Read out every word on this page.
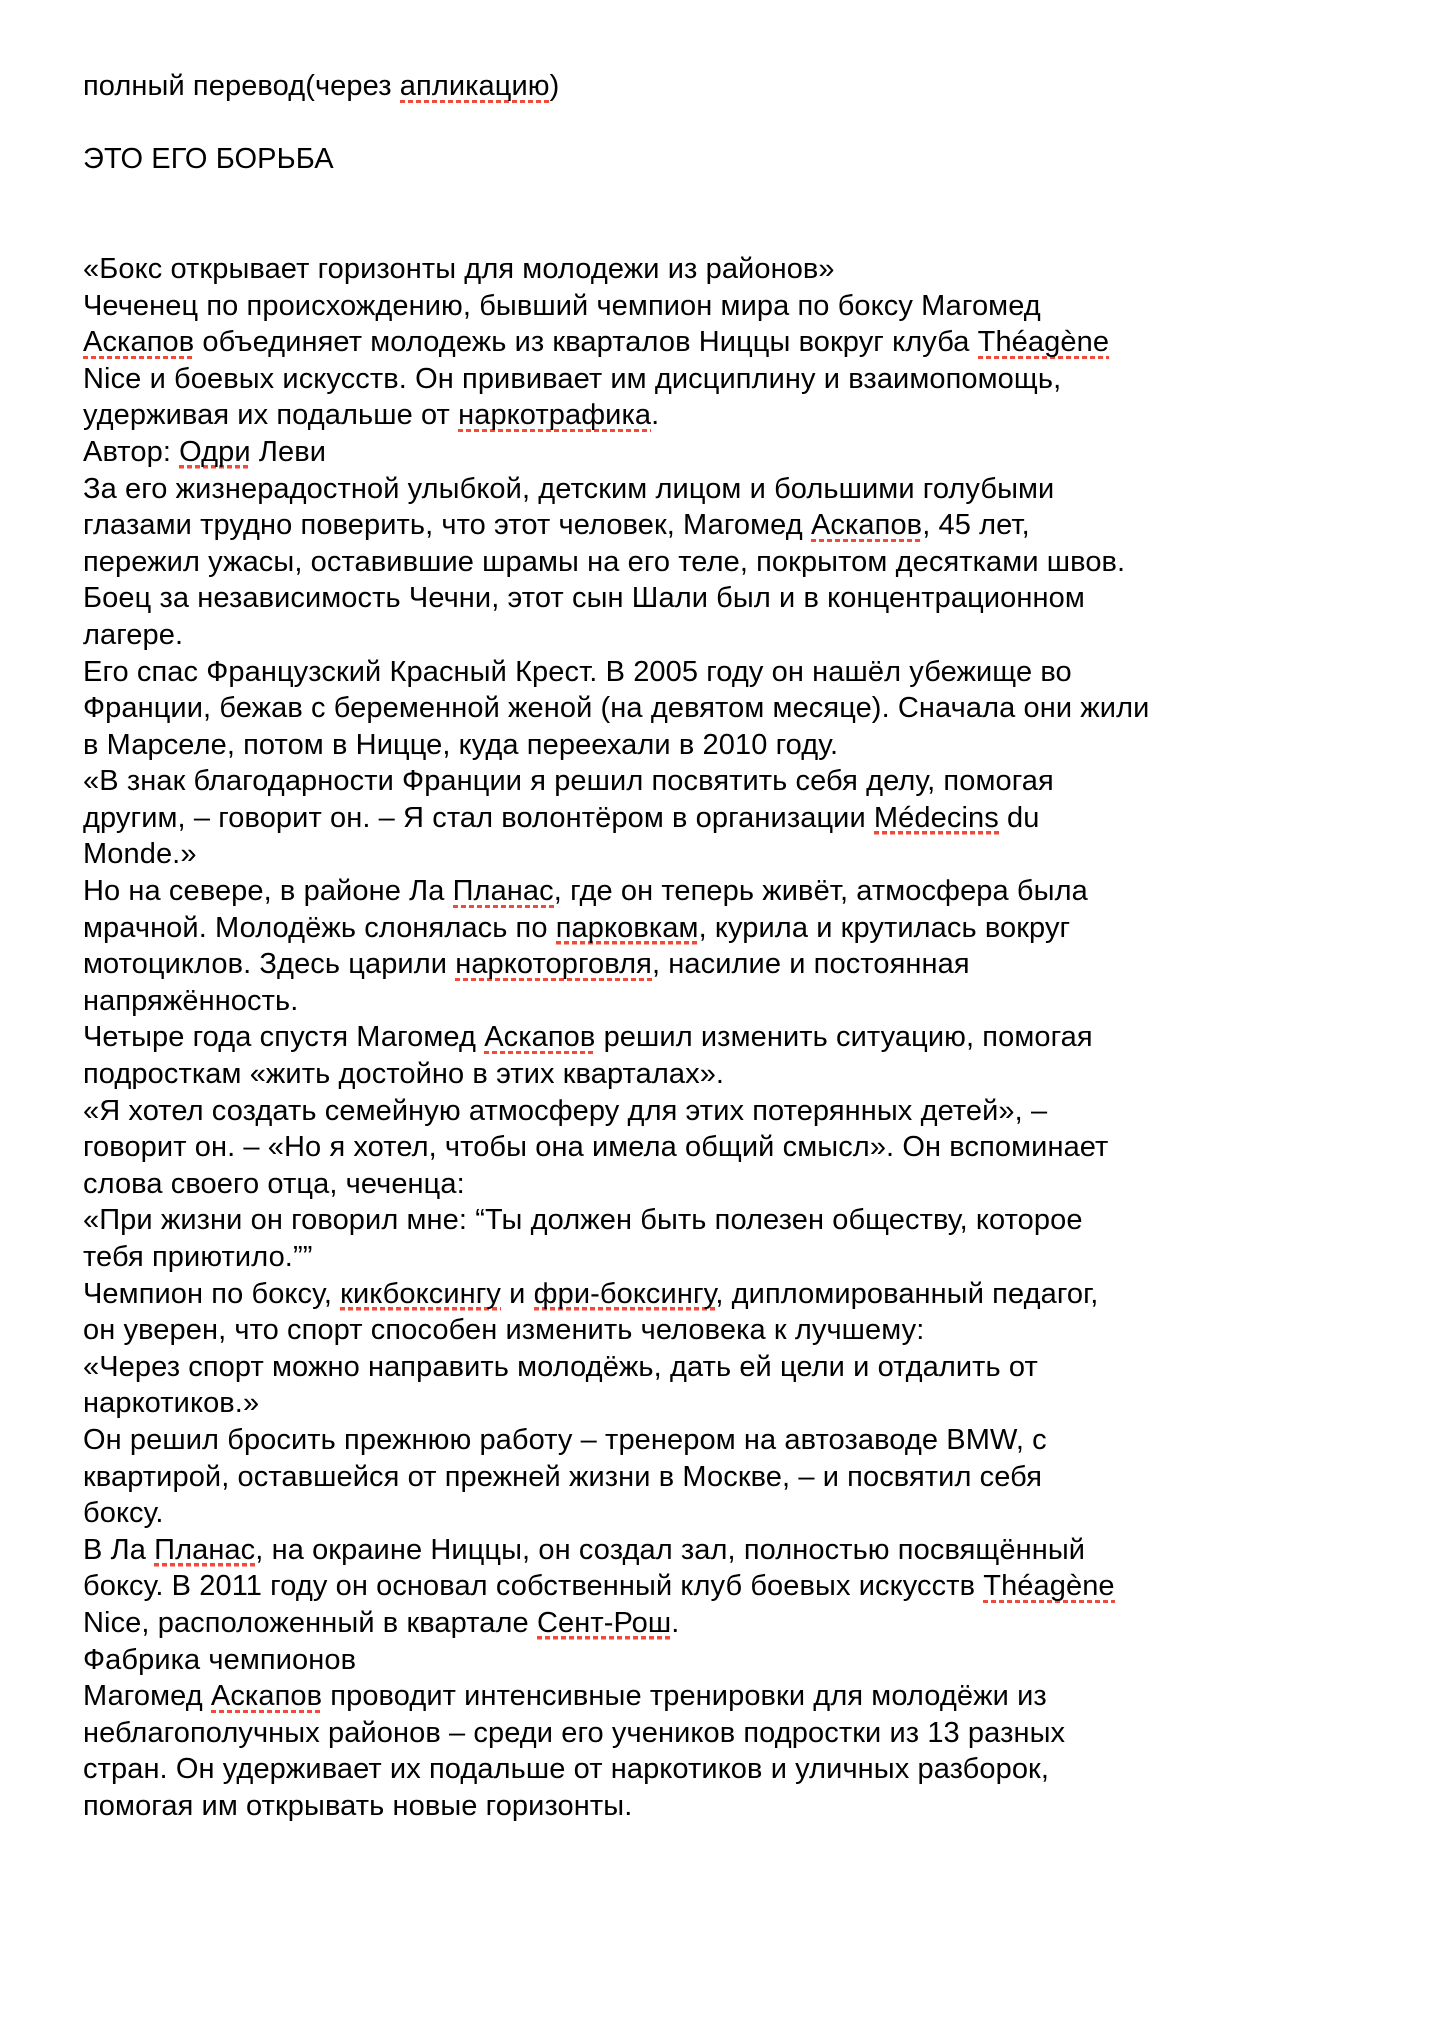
полный перевод(через апликацию)

ЭТО ЕГО БОРЬБА

«Бокс открывает горизонты для молодежи из районов»
Чеченец по происхождению, бывший чемпион мира по боксу Магомед
Аскапов объединяет молодежь из кварталов Ниццы вокруг клуба Théagène
Nice и боевых искусств. Он прививает им дисциплину и взаимопомощь,
удерживая их подальше от наркотрафика.
Автор: Одри Леви
За его жизнерадостной улыбкой, детским лицом и большими голубыми
глазами трудно поверить, что этот человек, Магомед Аскапов, 45 лет,
пережил ужасы, оставившие шрамы на его теле, покрытом десятками швов.
Боец за независимость Чечни, этот сын Шали был и в концентрационном
лагере.
Его спас Французский Красный Крест. В 2005 году он нашёл убежище во
Франции, бежав с беременной женой (на девятом месяце). Сначала они жили
в Марселе, потом в Ницце, куда переехали в 2010 году.
«В знак благодарности Франции я решил посвятить себя делу, помогая
другим, – говорит он. – Я стал волонтёром в организации Médecins du
Monde.»
Но на севере, в районе Ла Планас, где он теперь живёт, атмосфера была
мрачной. Молодёжь слонялась по парковкам, курила и крутилась вокруг
мотоциклов. Здесь царили наркоторговля, насилие и постоянная
напряжённость.
Четыре года спустя Магомед Аскапов решил изменить ситуацию, помогая
подросткам «жить достойно в этих кварталах».
«Я хотел создать семейную атмосферу для этих потерянных детей», –
говорит он. – «Но я хотел, чтобы она имела общий смысл». Он вспоминает
слова своего отца, чеченца:
«При жизни он говорил мне: “Ты должен быть полезен обществу, которое
тебя приютило.””
Чемпион по боксу, кикбоксингу и фри-боксингу, дипломированный педагог,
он уверен, что спорт способен изменить человека к лучшему:
«Через спорт можно направить молодёжь, дать ей цели и отдалить от
наркотиков.»
Он решил бросить прежнюю работу – тренером на автозаводе BMW, с
квартирой, оставшейся от прежней жизни в Москве, – и посвятил себя
боксу.
В Ла Планас, на окраине Ниццы, он создал зал, полностью посвящённый
боксу. В 2011 году он основал собственный клуб боевых искусств Théagène
Nice, расположенный в квартале Сент-Рош.
Фабрика чемпионов
Магомед Аскапов проводит интенсивные тренировки для молодёжи из
неблагополучных районов – среди его учеников подростки из 13 разных
стран. Он удерживает их подальше от наркотиков и уличных разборок,
помогая им открывать новые горизонты.
